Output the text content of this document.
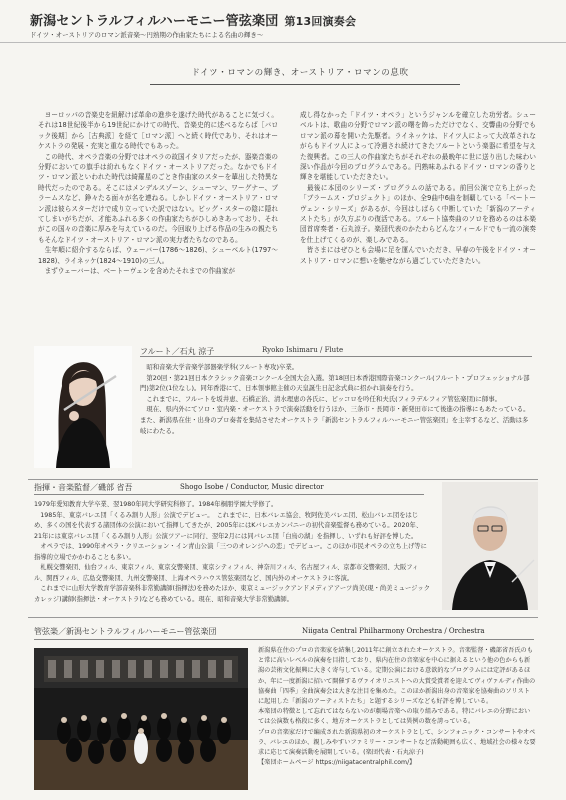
新潟セントラルフィルハーモニー管弦楽団 第13回演奏会
ドイツ・オーストリアのロマン派音楽～円熟期の作曲家たちによる名曲の輝き～
ドイツ・ロマンの輝き、オーストリア・ロマンの息吹
　ヨーロッパの音楽史を紐解けば革命の進歩を遂げた時代があることに気づく。それは18世紀後半から19世紀にかけての時代、音楽史的に述べるならば［バロック後期］から［古典派］を経て［ロマン派］へと続く時代であり、それはオーケストラの発展・充実と重なる時代でもあった。
　この時代、オペラ音楽の分野ではオペラの故国イタリアだったが、器楽音楽の分野においての旗手は紛れもなくドイツ・オーストリアだった。なかでもドイツ・ロマン派といわれた時代は綺羅星のごとき作曲家のスターを輩出した特異な時代だったのである。そこにはメンデルスゾーン、シューマン、ワーグナー、ブラームスなど、錚々たる面々が名を連ねる。しかしドイツ・オーストリア・ロマン派は彼らスターだけで成り立っていた訳ではない。ビッグ・スターの陰に隠れてしまいがちだが、才能あふれる多くの作曲家たちがひしめきあっており、それがこの国々の音楽に厚みを与えているのだ。今回取り上げる作品の生みの親たちもそんなドイツ・オーストリア・ロマン派の実力者たちなのである。
　生年順に紹介するならば、ウェーバー(1786～1826)、シューベルト(1797～1828)、ライネッケ(1824～1910)の三人。
　まずウェーバーは、ベートーヴェンを含めたそれまでの作曲家が
成し得なかった「ドイツ・オペラ」というジャンルを確立した功労者。シューベルトは、歌曲の分野でロマン派の曙を飾っただけでなく、交響曲の分野でもロマン派の幕を開いた先駆者。ライネッケは、ドイツ人によって大改革されながらもドイツ人によって冷遇され続けてきたフルートという楽器に希望を与えた復興者。この三人の作曲家たちがそれぞれの最晩年に世に送り出した味わい深い作品が今回のプログラムである。円熟味あふれるドイツ・ロマンの香りと輝きを堪能していただきたい。
　最後に本団のシリーズ・プログラムの話である。前回公演で立ち上がった「ブラームス・プロジェクト」のほか、全9曲中6曲を制覇している「ベートーヴェン・シリーズ」があるが、今回はしばらく中断していた「新潟のアーティストたち」が久方ぶりの復活である。フルート協奏曲のソロを務めるのは本楽団首席奏者・石丸涼子。楽団代表のかたわらどんなフィールドでも一流の演奏を仕上げてくるのが、楽しみである。
　皆さまにはぜひとも会場に足を運んでいただき、早春の午後をドイツ・オーストリア・ロマンに想いを馳せながら過ごしていただきたい。
フルート／石丸 涼子	Ryoko Ishimaru / Flute
　昭和音楽大学音楽学部器楽学科(フルート専攻)卒業。
　第20回・第21回日本クラシック音楽コンクール全国大会入選。第18回日本香港国際音楽コンクール(フルート・プロフェッショナル部門)第2位(1位なし)。同年香港にて、日本領事館主催の天皇誕生日記念式典に招かれ演奏を行う。
　これまでに、フルートを坂井恵、石橋正治、清水理恵の各氏に、ピッコロを吟任和夫氏(フィラデルフィア管弦楽団)に師事。
　現在、県内外にてソロ・室内楽・オーケストラで演奏活動を行うほか、三条市・長岡市・新発田市にて後進の指導にもあたっている。また、新潟県在住・出身のプロ奏者を集結させたオーケストラ「新潟セントラルフィルハーモニー管弦楽団」を主宰するなど、活動は多岐にわたる。
指揮・音楽監督／磯部 省吾	Shogo Isobe / Conductor, Music director
1979年愛知教育大学卒業、翌1980年同大学研究科修了。1984年桐朋学園大学修了。
　1985年、東京バレエ団「くるみ割り人形」公演でデビュー。　これまでに、日本バレエ協会、牧阿佐美バレエ団、松山バレエ団をはじめ、多くの国を代表する諸団体の公演において指揮してきたが、2005年にはKバレエカンパニーの初代音楽監督も務めている。2020年、21年には東京バレエ団「くるみ割り人形」公演ツアーに同行、翌年2月には同バレエ団「白鳥の湖」を指揮し、いずれも好評を博した。
　オペラでは、1990年オペラ・クリエーション・イン青山公演「三つのオレンジへの恋」でデビュー。このほか市民オペラの立ち上げ等に指導的立場でかかわることも多い。
　札幌交響楽団、仙台フィル、東京フィル、東京交響楽団、東京シティフィル、神奈川フィル、名古屋フィル、京都市交響楽団、大阪フィル、関西フィル、広島交響楽団、九州交響楽団、上海オペラハウス管弦楽団など、国内外のオーケストラに客演。
　これまでに山形大学教育学部音楽科非常勤講師(指揮法)を務めたほか、東京ミュージックアンドメディアアーツ尚美(現・尚美ミュージックカレッジ)講師(指揮法・オーケストラ)なども務めている。現在、昭和音楽大学非常勤講師。
管弦楽／新潟セントラルフィルハーモニー管弦楽団	Niigata Central Philharmony Orchestra / Orchestra
新潟県在住のプロの音楽家を結集し2011年に創立されたオーケストラ。音楽監督・磯部省吾氏のもと常に高いレベルの演奏を目指しており、県内在住の音楽家を中心に据えるという他の色からも新潟の芸術文化振興に大きく寄与している。定期公演における意欲的なプログラムには定評があるほか、年に一度新潟に招いて開催するヴァイオリニストへの大賞受賞者を迎えてヴィヴァルディ作曲の協奏曲「四季」全曲演奏会は大きな注目を集めた。このほか新潟出身の音楽家を協奏曲のソリストに起用した「新潟のアーティストたち」と題するシリーズなども好評を博している。
本楽団の特徴として忘れてはならないのが劇場音楽への取り組みである。特にバレエの分野においては公演数も格段に多く、地方オーケストラとしては異例の数を誇っている。
プロの音楽家だけで編成された新潟県初のオーケストラとして、シンフォニック・コンサートやオペラ、バレエのほか、親しみやすいファミリー・コンサートなど活動範囲も広く、地域社会の様々な要求に応じて演奏活動を展開している。(楽団代表・石丸涼子)
【楽団ホームページ https://niigatacentralphil.com/】
